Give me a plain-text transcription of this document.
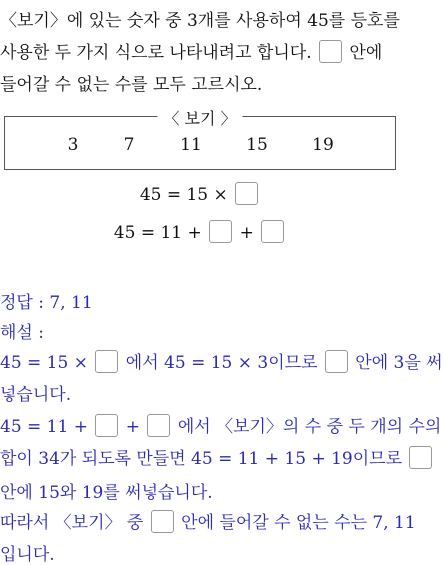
〈보기〉에 있는 숫자 중 3개를 사용하여 45를 등호를
사용한 두 가지 식으로 나타내려고 합니다. 안에
들어갈 수 없는 수를 모두 고르시오.
〈 보기 〉
3	7	11	15	19
45 = 15 ×
45 = 11 + +
정답 : 7, 11
해설 :
45 = 15 × 에서 45 = 15 × 3이므로 안에 3을 써
넣습니다.
45 = 11 + + 에서 〈보기〉의 수 중 두 개의 수의
합이 34가 되도록 만들면 45 = 11 + 15 + 19이므로
안에 15와 19를 써넣습니다.
따라서 〈보기〉 중 안에 들어갈 수 없는 수는 7, 11
입니다.
